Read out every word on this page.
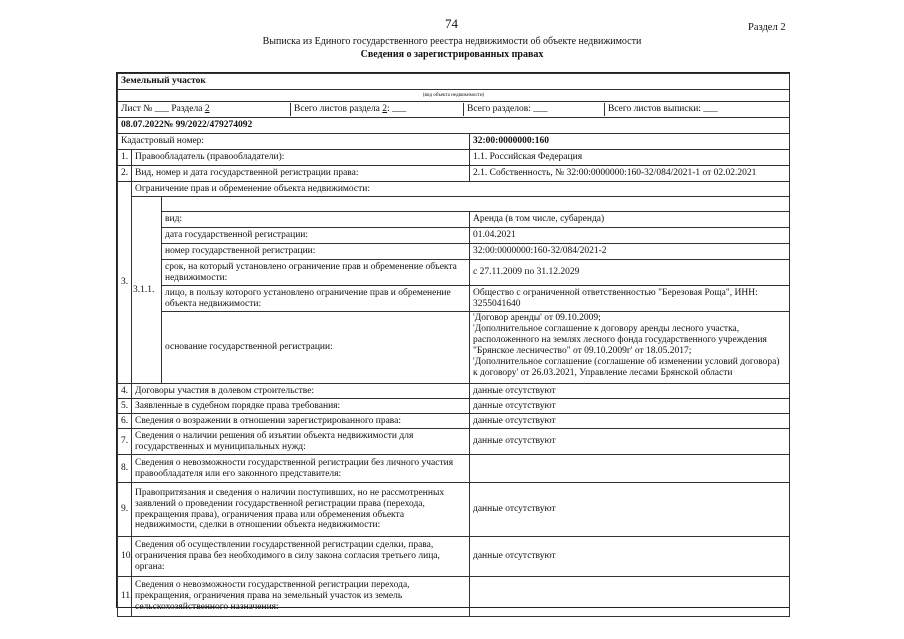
74	Раздел 2
Выписка из Единого государственного реестра недвижимости об объекте недвижимости
Сведения о зарегистрированных правах
Земельный участок
(вид объекта недвижимости)

Лист № ___ Раздела 2	Всего листов раздела 2: ___	Всего разделов: ___	Всего листов выписки: ___

08.07.2022№ 99/2022/479274092
Кадастровый номер:	32:00:0000000:160
1.	Правообладатель (правообладатели):	1.1. Российская Федерация
2.	Вид, номер и дата государственной регистрации права:	2.1. Собственность, № 32:00:0000000:160-32/084/2021-1 от 02.02.2021
3.	Ограничение прав и обременение объекта недвижимости:
3.1.1.	
вид:	Аренда (в том числе, субаренда)
дата государственной регистрации:	01.04.2021
номер государственной регистрации:	32:00:0000000:160-32/084/2021-2
срок, на который установлено ограничение прав и обременение объекта недвижимости:	с 27.11.2009 по 31.12.2029
лицо, в пользу которого установлено ограничение прав и обременение объекта недвижимости:	Общество с ограниченной ответственностью "Березовая Роща", ИНН: 3255041640
основание государственной регистрации:	
'Договор аренды' от 09.10.2009;
'Дополнительное соглашение к договору аренды лесного участка, расположенного на землях лесного фонда государственного учреждения "Брянское лесничество" от 09.10.2009г' от 18.05.2017;
'Дополнительное соглашение (соглашение об изменении условий договора) к договору' от 26.03.2021, Управление лесами Брянской области

4.	Договоры участия в долевом строительстве:	данные отсутствуют
5.	Заявленные в судебном порядке права требования:	данные отсутствуют
6.	Сведения о возражении в отношении зарегистрированного права:	данные отсутствуют
7.	Сведения о наличии решения об изъятии объекта недвижимости для государственных и муниципальных нужд:	данные отсутствуют
8.	Сведения о невозможности государственной регистрации без личного участия правообладателя или его законного представителя:	
9.	Правопритязания и сведения о наличии поступивших, но не рассмотренных заявлений о проведении государственной регистрации права (перехода, прекращения права), ограничения права или обременения объекта недвижимости, сделки в отношении объекта недвижимости:	данные отсутствуют
10.	Сведения об осуществлении государственной регистрации сделки, права, ограничения права без необходимого в силу закона согласия третьего лица, органа:	данные отсутствуют
11.	Сведения о невозможности государственной регистрации перехода, прекращения, ограничения права на земельный участок из земель сельскохозяйственного назначения:	
